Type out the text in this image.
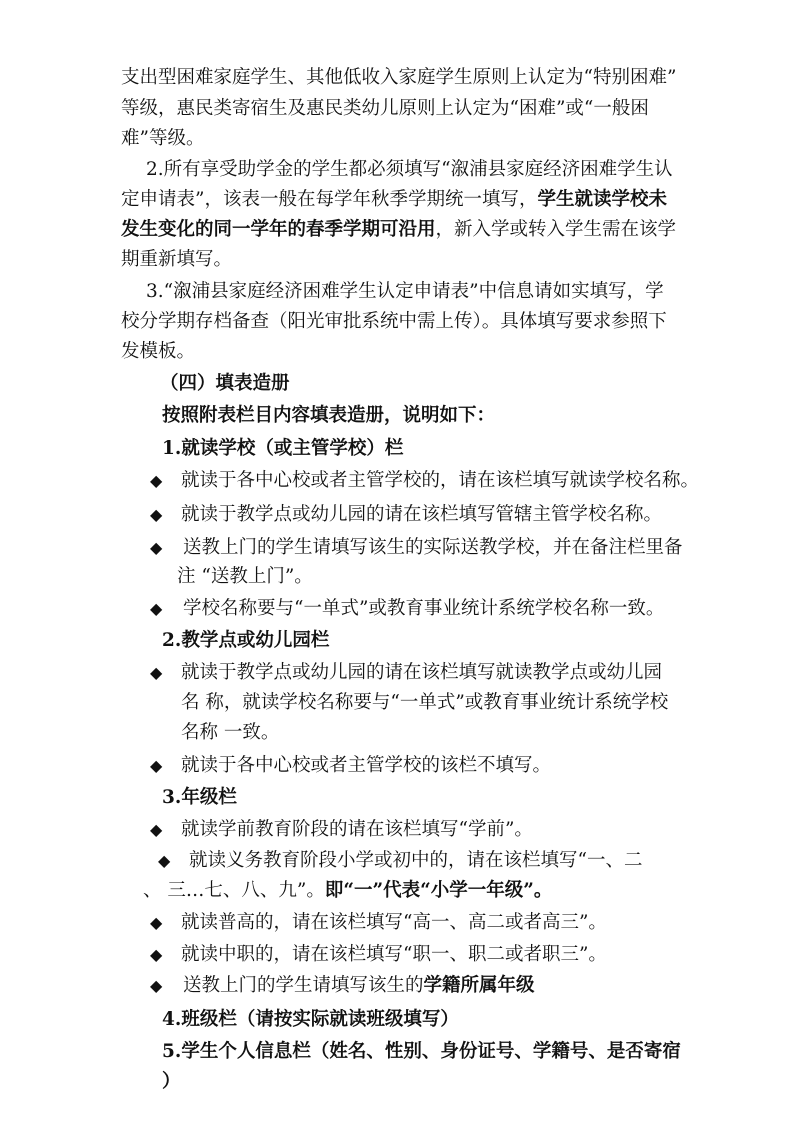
支出型困难家庭学生、其他低收入家庭学生原则上认定为“特别困难”
等级，惠民类寄宿生及惠民类幼儿原则上认定为“困难”或“一般困
难”等级。
2.所有享受助学金的学生都必须填写“溆浦县家庭经济困难学生认
定申请表”，该表一般在每学年秋季学期统一填写，学生就读学校未
发生变化的同一学年的春季学期可沿用，新入学或转入学生需在该学
期重新填写。
3.“溆浦县家庭经济困难学生认定申请表”中信息请如实填写，学
校分学期存档备查（阳光审批系统中需上传）。具体填写要求参照下
发模板。
（四）填表造册
按照附表栏目内容填表造册，说明如下：
1.就读学校（或主管学校）栏
◆ 就读于各中心校或者主管学校的，请在该栏填写就读学校名称。
◆ 就读于教学点或幼儿园的请在该栏填写管辖主管学校名称。
◆ 送教上门的学生请填写该生的实际送教学校，并在备注栏里备
注 “送教上门”。
◆ 学校名称要与“一单式”或教育事业统计系统学校名称一致。
2.教学点或幼儿园栏
◆ 就读于教学点或幼儿园的请在该栏填写就读教学点或幼儿园
名 称，就读学校名称要与“一单式”或教育事业统计系统学校
名称 一致。
◆ 就读于各中心校或者主管学校的该栏不填写。
3.年级栏
◆ 就读学前教育阶段的请在该栏填写“学前”。
◆ 就读义务教育阶段小学或初中的，请在该栏填写“一、二
、 三…七、八、九”。即“一”代表“小学一年级”。
◆ 就读普高的，请在该栏填写“高一、高二或者高三”。
◆ 就读中职的，请在该栏填写“职一、职二或者职三”。
◆ 送教上门的学生请填写该生的学籍所属年级
4.班级栏（请按实际就读班级填写）
5.学生个人信息栏（姓名、性别、身份证号、学籍号、是否寄宿
）
